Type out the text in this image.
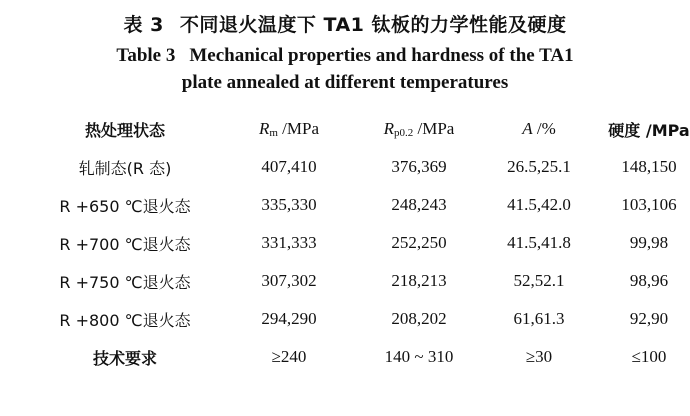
表 3 不同退火温度下 TA1 钛板的力学性能及硬度
Table 3 Mechanical properties and hardness of the TA1
plate annealed at different temperatures
热处理状态	Rm /MPa	Rp0.2 /MPa	A /%	硬度 /MPa
轧制态(R 态)	407,410	376,369	26.5,25.1	148,150
R +650 ℃退火态	335,330	248,243	41.5,42.0	103,106
R +700 ℃退火态	331,333	252,250	41.5,41.8	99,98
R +750 ℃退火态	307,302	218,213	52,52.1	98,96
R +800 ℃退火态	294,290	208,202	61,61.3	92,90
技术要求	≥240	140 ~ 310	≥30	≤100
